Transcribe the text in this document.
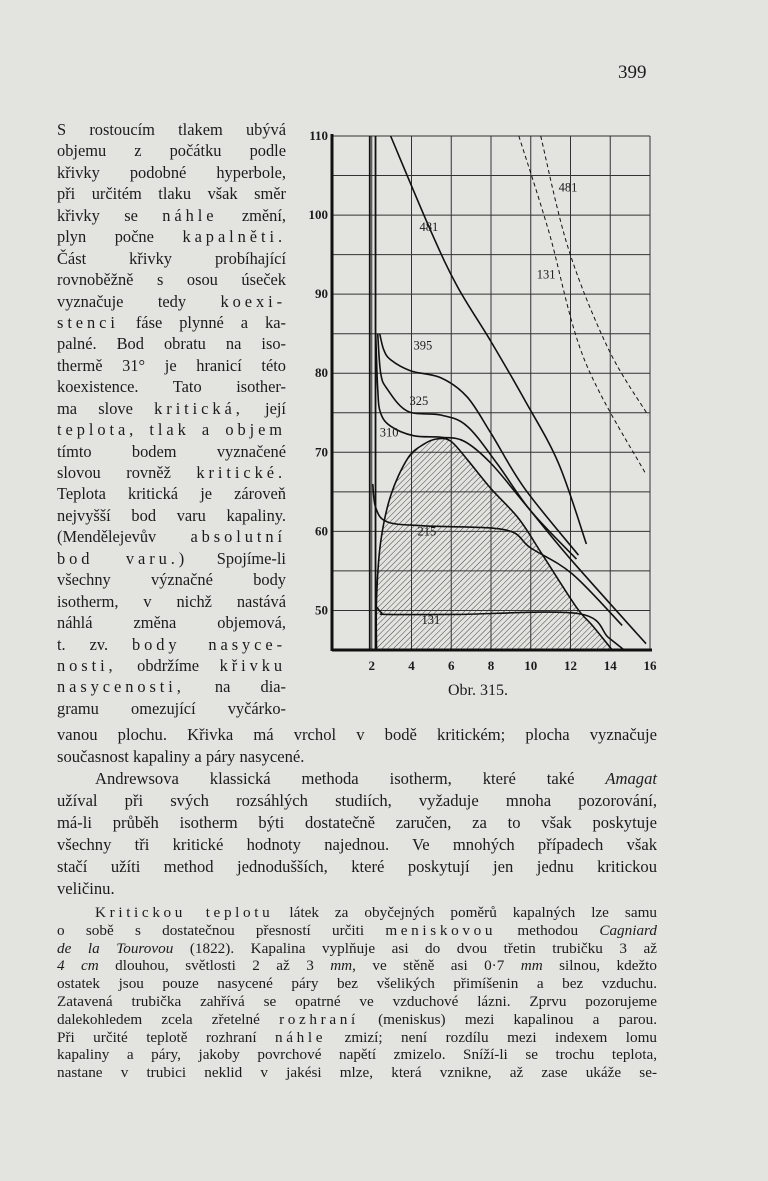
399
S rostoucím tlakem ubývá
objemu z počátku podle
křivky podobné hyperbole,
při určitém tlaku však směr
křivky se náhle změní,
plyn počne kapalněti.
Část křivky probíhající
rovnoběžně s osou úseček
vyznačuje tedy koexi-
stenci fáse plynné a ka-
palné. Bod obratu na iso-
thermě 31° je hranicí této
koexistence. Tato isother-
ma slove kritická, její
teplota, tlak a objem
tímto bodem vyznačené
slovou rovněž kritické.
Teplota kritická je zároveň
nejvyšší bod varu kapaliny.
(Mendělejevův absolutní
bod varu.) Spojíme-li
všechny význačné body
isotherm, v nichž nastává
náhlá změna objemová,
t. zv. body nasyce-
nosti, obdržíme křivku
nasycenosti, na dia-
gramu omezující vyčárko-
2	4	6	8 10 12 14 16
50
60
70
80
90
100
110
Obr. 315.
481
395
325
310
215
131
481
131
vanou plochu. Křivka má vrchol v bodě kritickém; plocha vyznačuje
současnost kapaliny a páry nasycené.
Andrewsova klassická methoda isotherm, které také Amagat
užíval při svých rozsáhlých studiích, vyžaduje mnoha pozorování,
má-li průběh isotherm býti dostatečně zaručen, za to však poskytuje
všechny tři kritické hodnoty najednou. Ve mnohých případech však
stačí užíti method jednodušších, které poskytují jen jednu kritickou
veličinu.
Kritickou teplotu látek za obyčejných poměrů kapalných lze samu
o sobě s dostatečnou přesností určiti meniskovou methodou Cagniard
de la Tourovou (1822). Kapalina vyplňuje asi do dvou třetin trubičku 3 až
4 cm dlouhou, světlosti 2 až 3 mm, ve stěně asi 0·7 mm silnou, kdežto
ostatek jsou pouze nasycené páry bez všelikých přimíšenin a bez vzduchu.
Zatavená trubička zahřívá se opatrné ve vzduchové lázni. Zprvu pozorujeme
dalekohledem zcela zřetelné rozhraní (meniskus) mezi kapalinou a parou.
Při určité teplotě rozhraní náhle zmizí; není rozdílu mezi indexem lomu
kapaliny a páry, jakoby povrchové napětí zmizelo. Sníží-li se trochu teplota,
nastane v trubici neklid v jakési mlze, která vznikne, až zase ukáže se-
